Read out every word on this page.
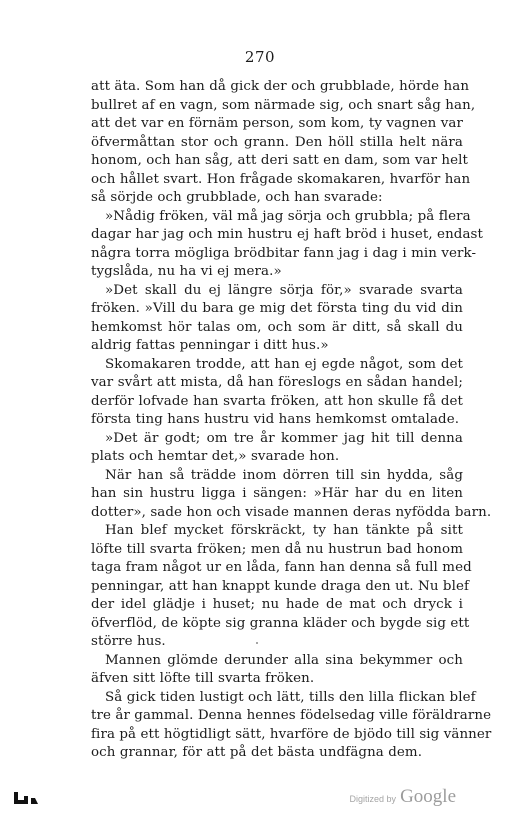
270
att äta. Som han då gick der och grubblade, hörde han
bullret af en vagn, som närmade sig, och snart såg han,
att det var en förnäm person, som kom, ty vagnen var
öfvermåttan stor och grann. Den höll stilla helt nära
honom, och han såg, att deri satt en dam, som var helt
och hållet svart. Hon frågade skomakaren, hvarför han
så sörjde och grubblade, och han svarade:
»Nådig fröken, väl må jag sörja och grubbla; på flera
dagar har jag och min hustru ej haft bröd i huset, endast
några torra mögliga brödbitar fann jag i dag i min verk-
tygslåda, nu ha vi ej mera.»
»Det skall du ej längre sörja för,» svarade svarta
fröken. »Vill du bara ge mig det första ting du vid din
hemkomst hör talas om, och som är ditt, så skall du
aldrig fattas penningar i ditt hus.»
Skomakaren trodde, att han ej egde något, som det
var svårt att mista, då han föreslogs en sådan handel;
derför lofvade han svarta fröken, att hon skulle få det
första ting hans hustru vid hans hemkomst omtalade.
»Det är godt; om tre år kommer jag hit till denna
plats och hemtar det,» svarade hon.
När han så trädde inom dörren till sin hydda, såg
han sin hustru ligga i sängen: »Här har du en liten
dotter», sade hon och visade mannen deras nyfödda barn.
Han blef mycket förskräckt, ty han tänkte på sitt
löfte till svarta fröken; men då nu hustrun bad honom
taga fram något ur en låda, fann han denna så full med
penningar, att han knappt kunde draga den ut. Nu blef
der idel glädje i huset; nu hade de mat och dryck i
öfverflöd, de köpte sig granna kläder och bygde sig ett
större hus.
Mannen glömde derunder alla sina bekymmer och
äfven sitt löfte till svarta fröken.
Så gick tiden lustigt och lätt, tills den lilla flickan blef
tre år gammal. Denna hennes födelsedag ville föräldrarne
fira på ett högtidligt sätt, hvarföre de bjödo till sig vänner
och grannar, för att på det bästa undfägna dem.
Digitized by Google
